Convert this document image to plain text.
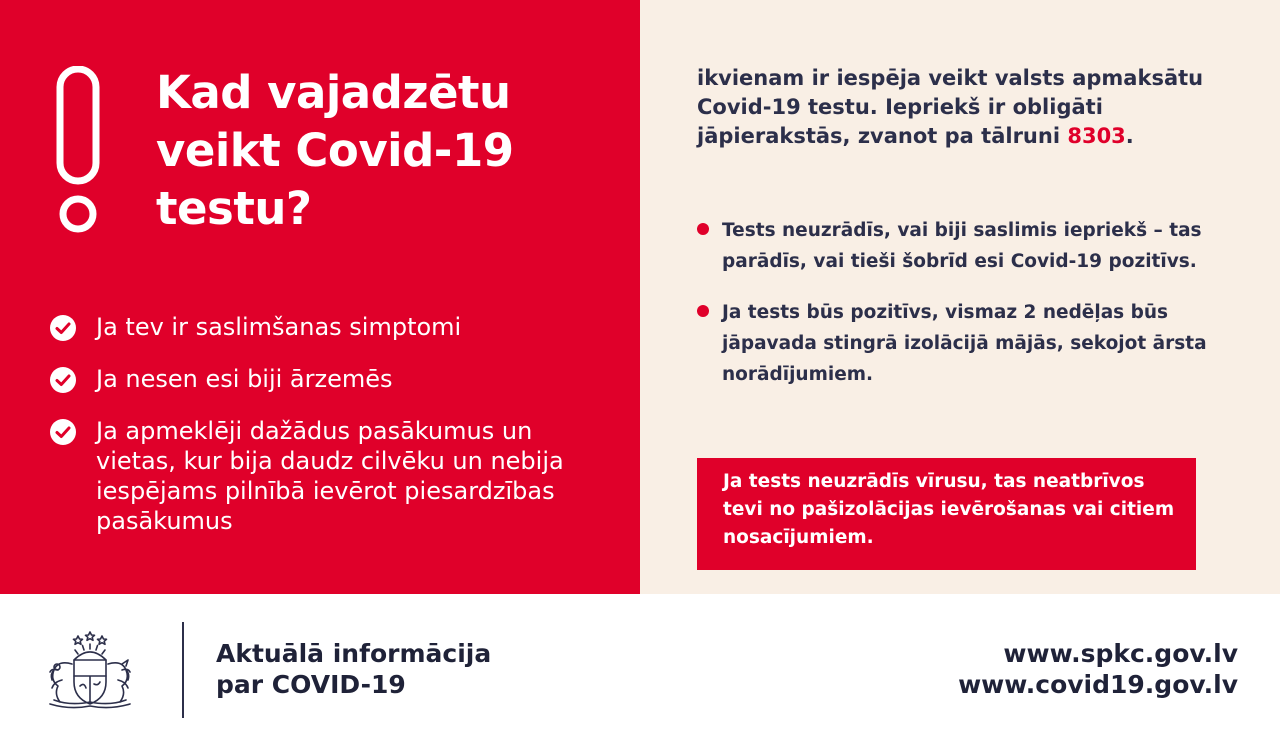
Kad vajadzētu
veikt Covid-19
testu?
Ja tev ir saslimšanas simptomi
Ja nesen esi biji ārzemēs
Ja apmeklēji dažādus pasākumus un vietas, kur bija daudz cilvēku un nebija iespējams pilnībā ievērot piesardzības pasākumus

ikvienam ir iespēja veikt valsts apmaksātu Covid-19 testu. Iepriekš ir obligāti jāpierakstās, zvanot pa tālruni 8303.

Tests neuzrādīs, vai biji saslimis iepriekš – tas parādīs, vai tieši šobrīd esi Covid-19 pozitīvs.
Ja tests būs pozitīvs, vismaz 2 nedēļas būs jāpavada stingrā izolācijā mājās, sekojot ārsta norādījumiem.

Ja tests neuzrādīs vīrusu, tas neatbrīvos tevi no pašizolācijas ievērošanas vai citiem nosacījumiem.

Aktuālā informācija
par COVID-19
www.spkc.gov.lv
www.covid19.gov.lv
